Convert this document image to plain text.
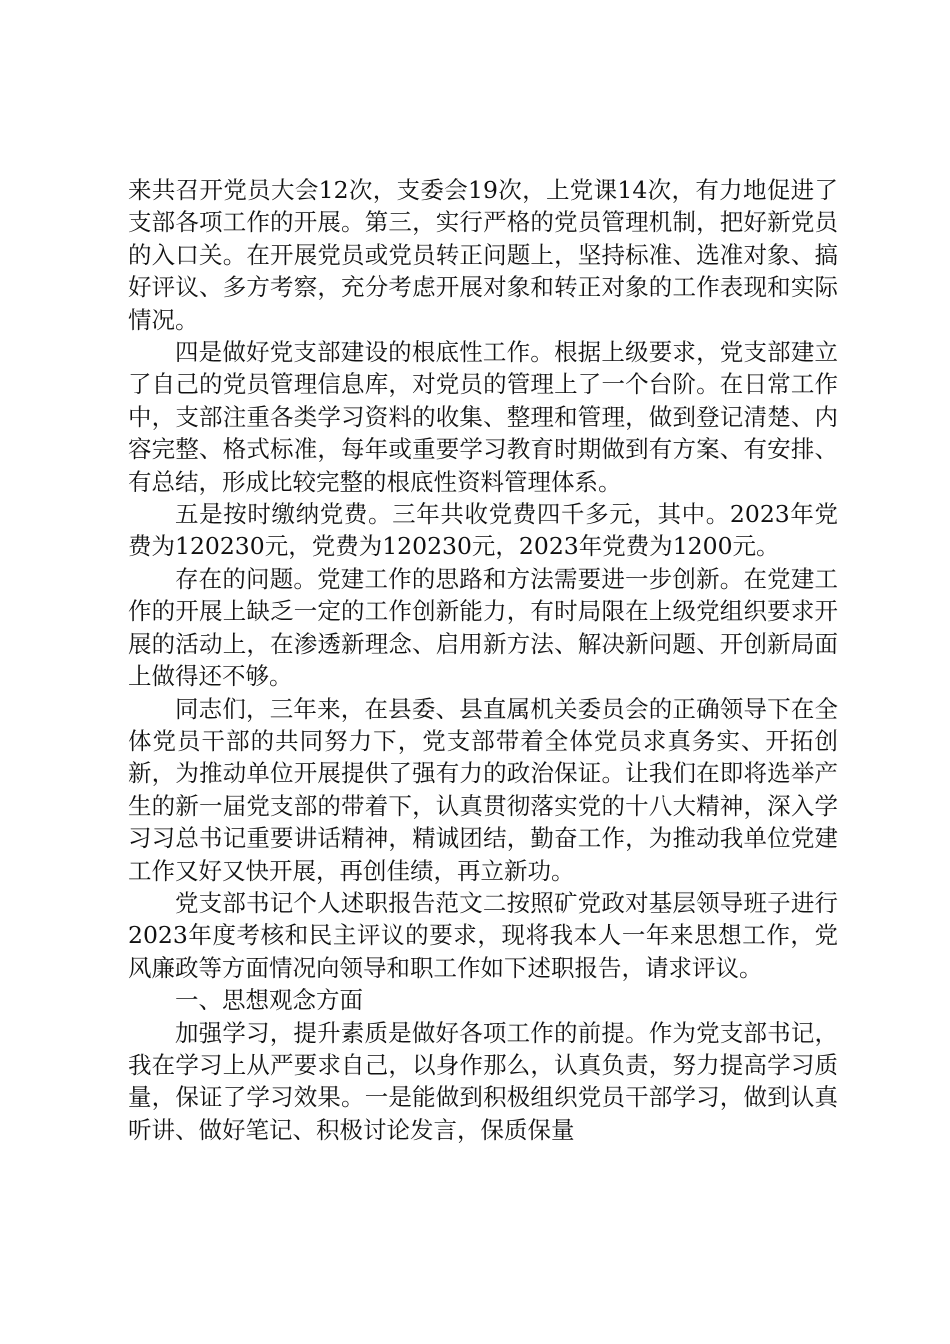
来共召开党员大会12次，支委会19次，上党课14次，有力地促进了支部各项工作的开展。第三，实行严格的党员管理机制，把好新党员的入口关。在开展党员或党员转正问题上，坚持标准、选准对象、搞好评议、多方考察，充分考虑开展对象和转正对象的工作表现和实际情况。

四是做好党支部建设的根底性工作。根据上级要求，党支部建立了自己的党员管理信息库，对党员的管理上了一个台阶。在日常工作中，支部注重各类学习资料的收集、整理和管理，做到登记清楚、内容完整、格式标准，每年或重要学习教育时期做到有方案、有安排、有总结，形成比较完整的根底性资料管理体系。

五是按时缴纳党费。三年共收党费四千多元，其中。2023年党费为120230元，党费为120230元，2023年党费为1200元。

存在的问题。党建工作的思路和方法需要进一步创新。在党建工作的开展上缺乏一定的工作创新能力，有时局限在上级党组织要求开展的活动上，在渗透新理念、启用新方法、解决新问题、开创新局面上做得还不够。

同志们，三年来，在县委、县直属机关委员会的正确领导下在全体党员干部的共同努力下，党支部带着全体党员求真务实、开拓创新，为推动单位开展提供了强有力的政治保证。让我们在即将选举产生的新一届党支部的带着下，认真贯彻落实党的十八大精神，深入学习习总书记重要讲话精神，精诚团结，勤奋工作，为推动我单位党建工作又好又快开展，再创佳绩，再立新功。

党支部书记个人述职报告范文二按照矿党政对基层领导班子进行2023年度考核和民主评议的要求，现将我本人一年来思想工作，党风廉政等方面情况向领导和职工作如下述职报告，请求评议。

一、思想观念方面

加强学习，提升素质是做好各项工作的前提。作为党支部书记，我在学习上从严要求自己，以身作那么，认真负责，努力提高学习质量，保证了学习效果。一是能做到积极组织党员干部学习，做到认真听讲、做好笔记、积极讨论发言，保质保量
